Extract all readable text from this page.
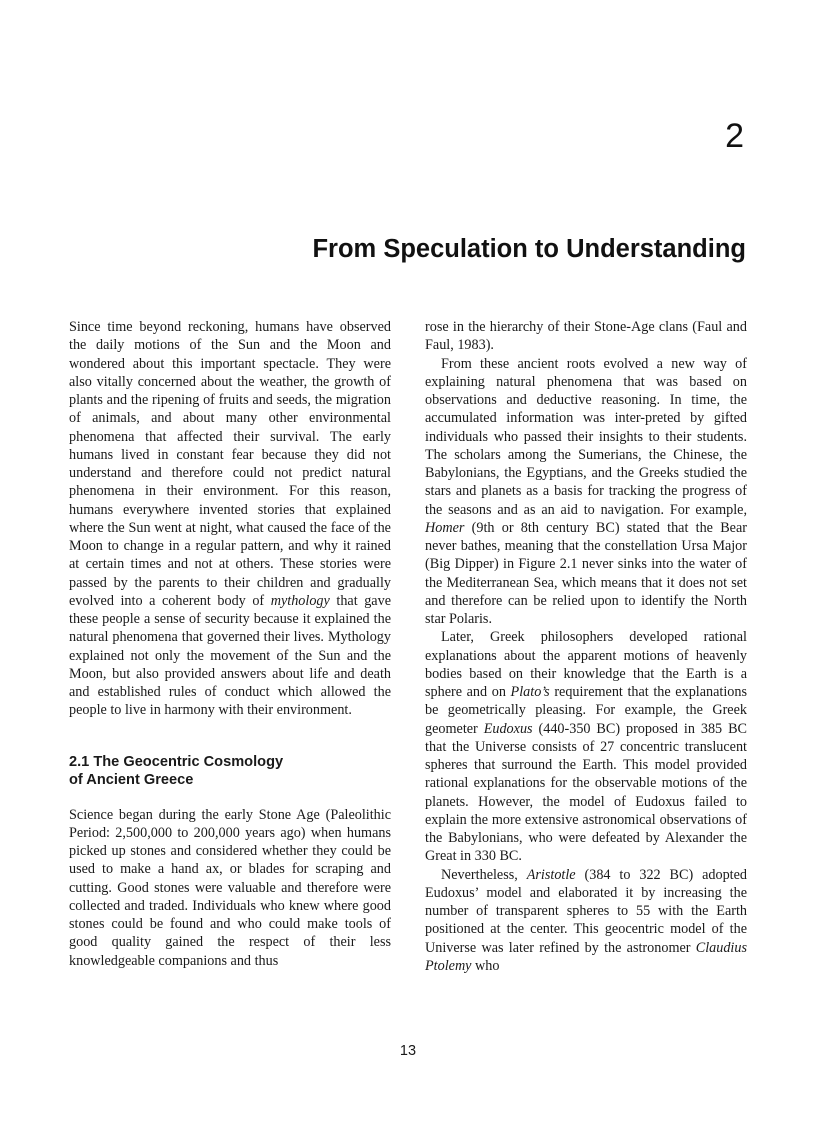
2
From Speculation to Understanding

Since time beyond reckoning, humans have observed the daily motions of the Sun and the Moon and wondered about this important spectacle. They were also vitally concerned about the weather, the growth of plants and the ripening of fruits and seeds, the migration of animals, and about many other environmental phenomena that affected their survival. The early humans lived in constant fear because they did not understand and therefore could not predict natural phenomena in their environment. For this reason, humans everywhere invented stories that explained where the Sun went at night, what caused the face of the Moon to change in a regular pattern, and why it rained at certain times and not at others. These stories were passed by the parents to their children and gradually evolved into a coherent body of mythology that gave these people a sense of security because it explained the natural phenomena that governed their lives. Mythology explained not only the movement of the Sun and the Moon, but also provided answers about life and death and established rules of conduct which allowed the people to live in harmony with their environment.

2.1 The Geocentric Cosmology
of Ancient Greece

Science began during the early Stone Age (Paleolithic Period: 2,500,000 to 200,000 years ago) when humans picked up stones and considered whether they could be used to make a hand ax, or blades for scraping and cutting. Good stones were valuable and therefore were collected and traded. Individuals who knew where good stones could be found and who could make tools of good quality gained the respect of their less knowledgeable companions and thus

rose in the hierarchy of their Stone-Age clans (Faul and Faul, 1983).

From these ancient roots evolved a new way of explaining natural phenomena that was based on observations and deductive reasoning. In time, the accumulated information was inter-preted by gifted individuals who passed their insights to their students. The scholars among the Sumerians, the Chinese, the Babylonians, the Egyptians, and the Greeks studied the stars and planets as a basis for tracking the progress of the seasons and as an aid to navigation. For example, Homer (9th or 8th century BC) stated that the Bear never bathes, meaning that the constellation Ursa Major (Big Dipper) in Figure 2.1 never sinks into the water of the Mediterranean Sea, which means that it does not set and therefore can be relied upon to identify the North star Polaris.

Later, Greek philosophers developed rational explanations about the apparent motions of heavenly bodies based on their knowledge that the Earth is a sphere and on Plato’s requirement that the explanations be geometrically pleasing. For example, the Greek geometer Eudoxus (440-350 BC) proposed in 385 BC that the Universe consists of 27 concentric translucent spheres that surround the Earth. This model provided rational explanations for the observable motions of the planets. However, the model of Eudoxus failed to explain the more extensive astronomical observations of the Babylonians, who were defeated by Alexander the Great in 330 BC.

Nevertheless, Aristotle (384 to 322 BC) adopted Eudoxus’ model and elaborated it by increasing the number of transparent spheres to 55 with the Earth positioned at the center. This geocentric model of the Universe was later refined by the astronomer Claudius Ptolemy who

13
